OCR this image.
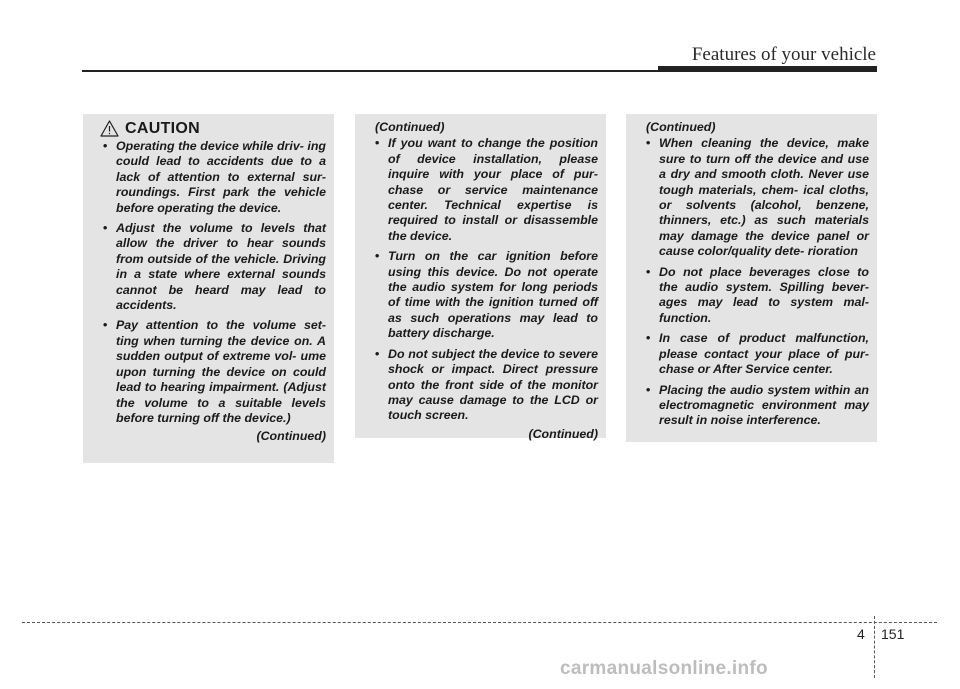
Features of your vehicle
CAUTION
• Operating the device while driv- ing could lead to accidents due to a lack of attention to external sur- roundings. First park the vehicle before operating the device.
• Adjust the volume to levels that allow the driver to hear sounds from outside of the vehicle. Driving in a state where external sounds cannot be heard may lead to accidents.
• Pay attention to the volume set- ting when turning the device on. A sudden output of extreme vol- ume upon turning the device on could lead to hearing impairment. (Adjust the volume to a suitable levels before turning off the device.)
(Continued)
(Continued)
• If you want to change the position of device installation, please inquire with your place of pur- chase or service maintenance center. Technical expertise is required to install or disassemble the device.
• Turn on the car ignition before using this device. Do not operate the audio system for long periods of time with the ignition turned off as such operations may lead to battery discharge.
• Do not subject the device to severe shock or impact. Direct pressure onto the front side of the monitor may cause damage to the LCD or touch screen.
(Continued)
(Continued)
• When cleaning the device, make sure to turn off the device and use a dry and smooth cloth. Never use tough materials, chem- ical cloths, or solvents (alcohol, benzene, thinners, etc.) as such materials may damage the device panel or cause color/quality dete- rioration
• Do not place beverages close to the audio system. Spilling bever- ages may lead to system mal- function.
• In case of product malfunction, please contact your place of pur- chase or After Service center.
• Placing the audio system within an electromagnetic environment may result in noise interference.
4 151
carmanualsonline.info
